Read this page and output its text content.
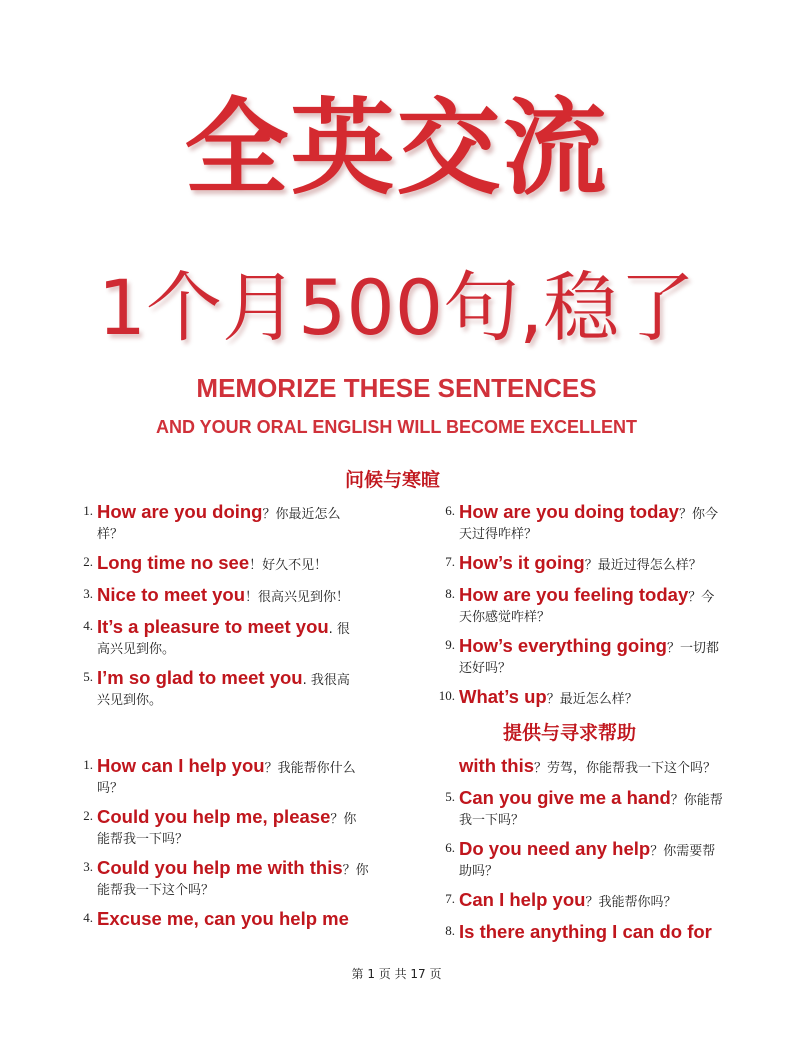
全英交流
1个月500句,稳了
MEMORIZE THESE SENTENCES
AND YOUR ORAL ENGLISH WILL BECOME EXCELLENT
问候与寒暄
1. How are you doing？你最近怎么
样？
2. Long time no see！好久不见！
3. Nice to meet you！很高兴见到你！
4. It’s a pleasure to meet you. 很
高兴见到你。
5. I’m so glad to meet you. 我很高
兴见到你。
6. How are you doing today？你今
天过得咋样？
7. How’s it going？最近过得怎么样？
8. How are you feeling today？今
天你感觉咋样？
9. How’s everything going？一切都
还好吗？
10. What’s up？最近怎么样？
提供与寻求帮助
1. How can I help you？我能帮你什么
吗？
2. Could you help me, please？你
能帮我一下吗？
3. Could you help me with this？你
能帮我一下这个吗？
4. Excuse me, can you help me
with this？劳驾，你能帮我一下这个吗？
5. Can you give me a hand？你能帮
我一下吗？
6. Do you need any help？你需要帮
助吗？
7. Can I help you？我能帮你吗？
8. Is there anything I can do for
第 1 页 共 17 页
